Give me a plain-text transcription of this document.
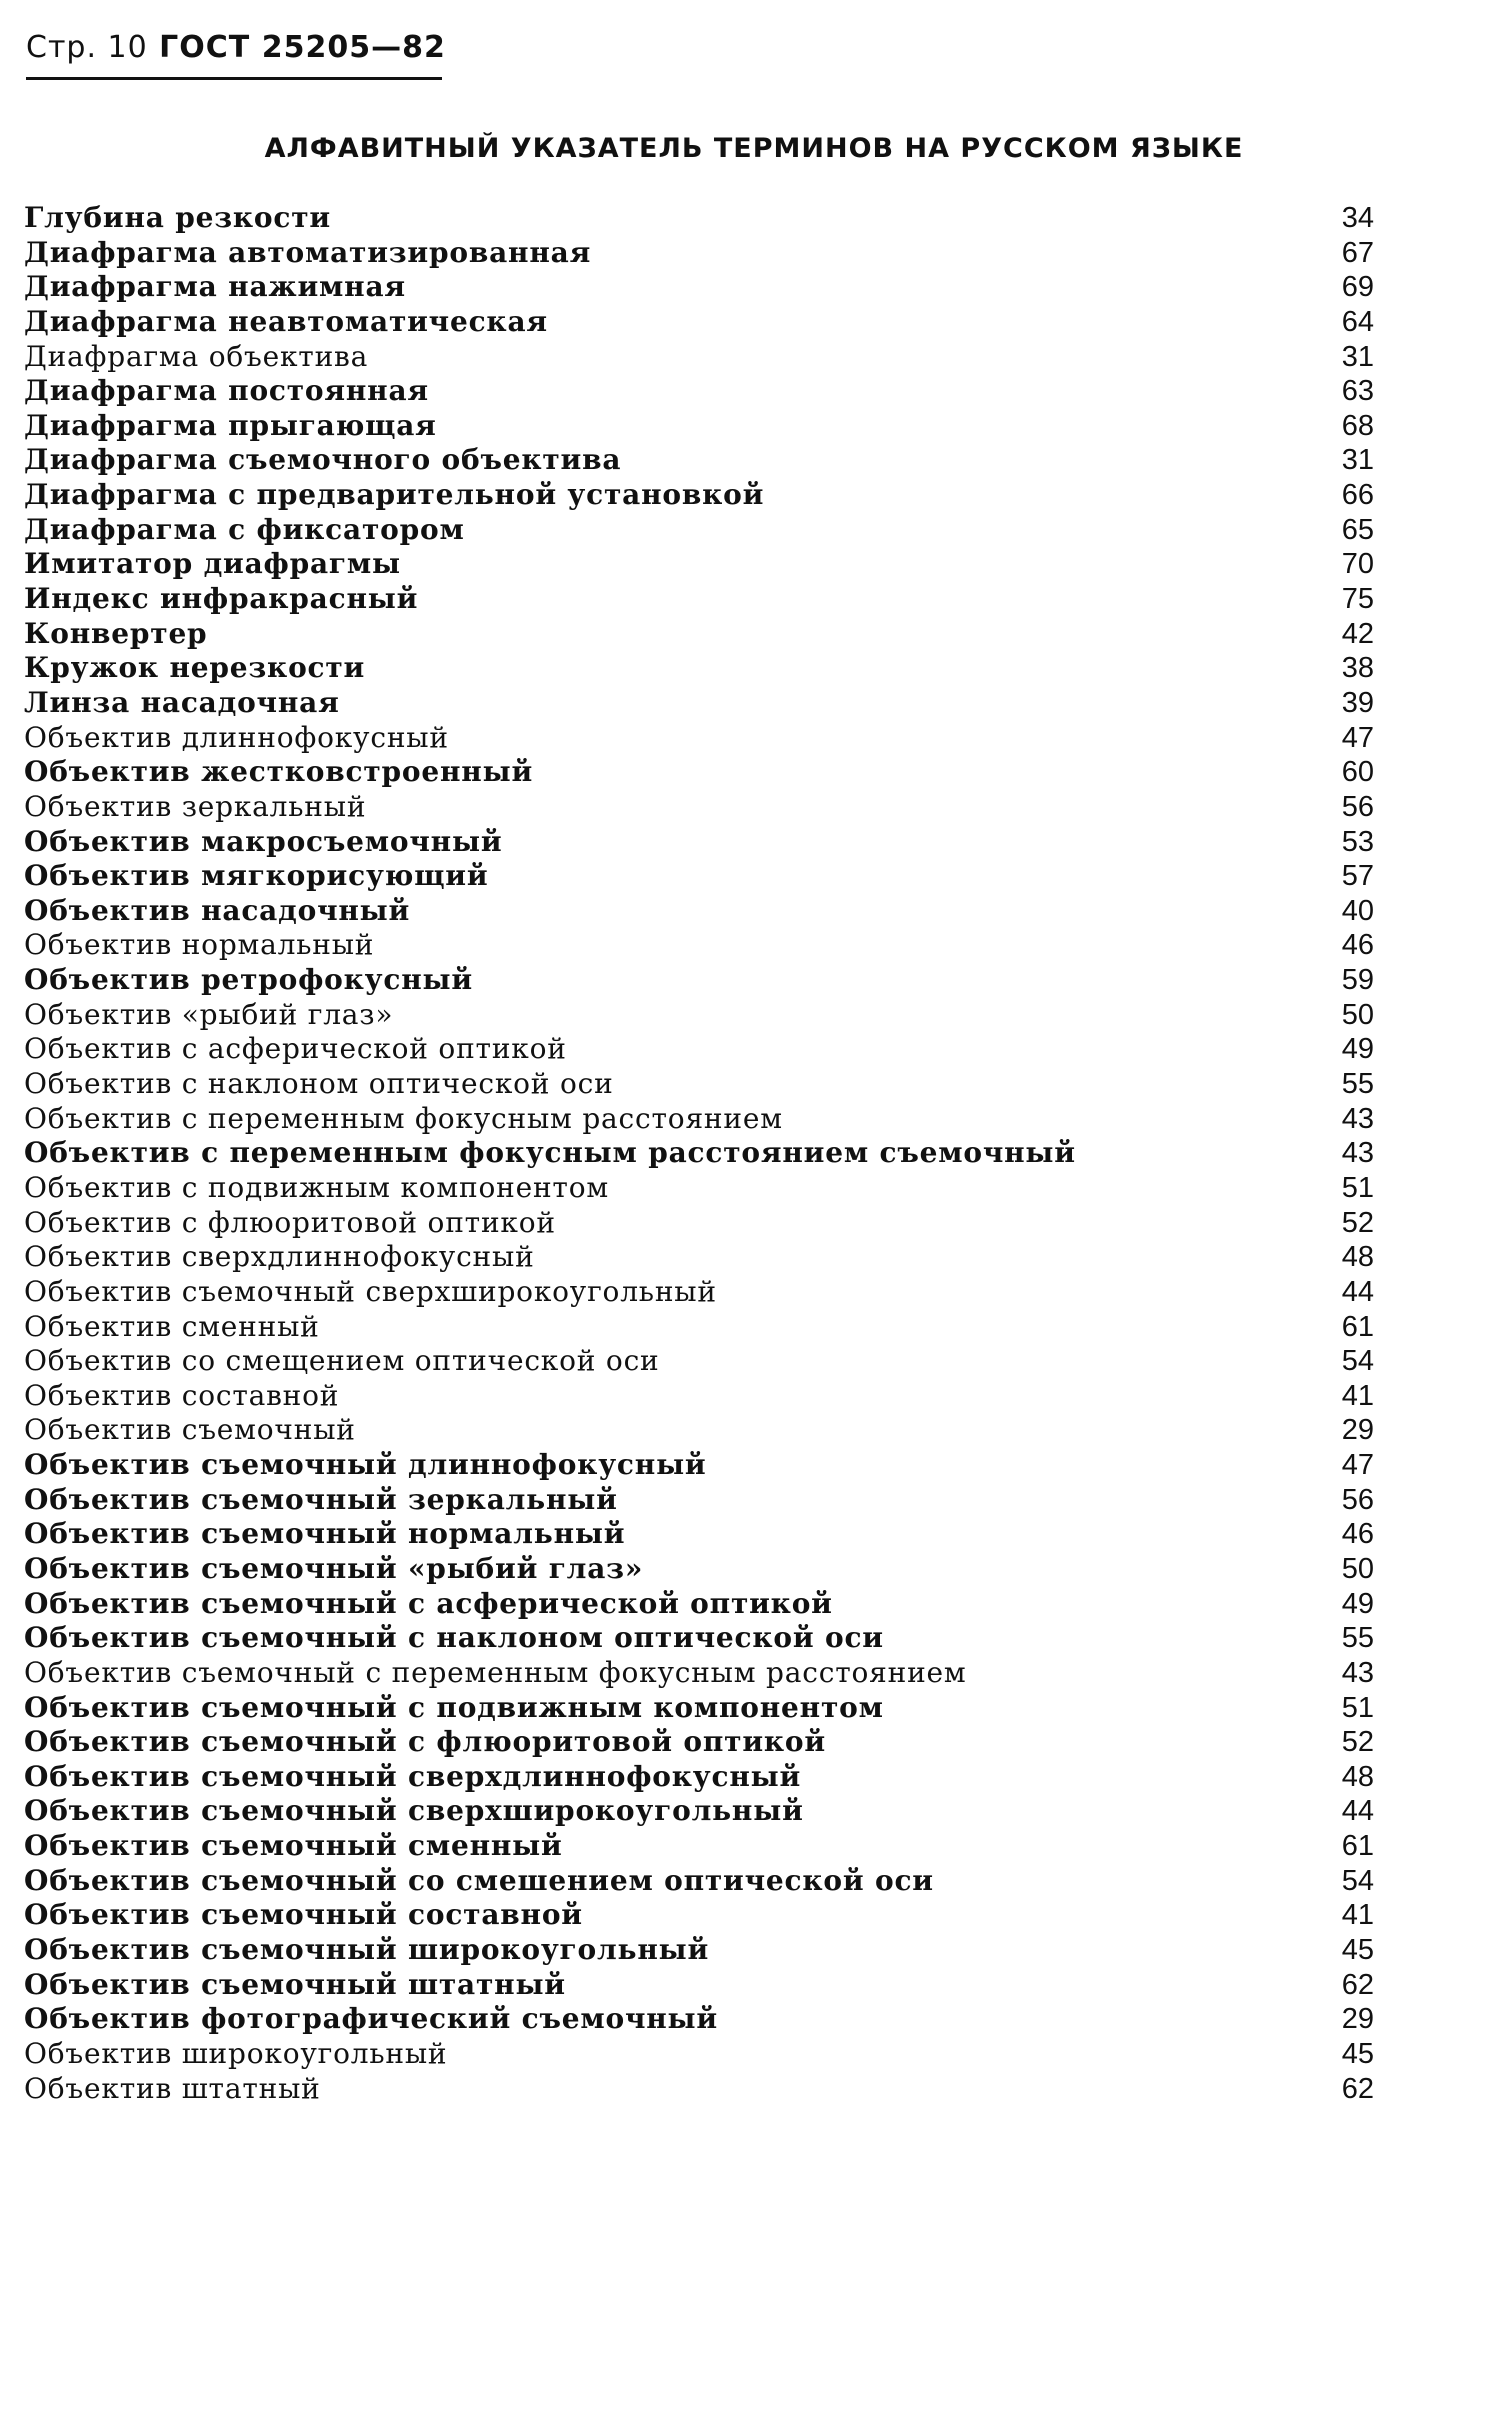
Стр. 10 ГОСТ 25205—82
АЛФАВИТНЫЙ УКАЗАТЕЛЬ ТЕРМИНОВ НА РУССКОМ ЯЗЫКЕ
Глубина резкости	34
Диафрагма автоматизированная	67
Диафрагма нажимная	69
Диафрагма неавтоматическая	64
Диафрагма объектива	31
Диафрагма постоянная	63
Диафрагма прыгающая	68
Диафрагма съемочного объектива	31
Диафрагма с предварительной установкой	66
Диафрагма с фиксатором	65
Имитатор диафрагмы	70
Индекс инфракрасный	75
Конвертер	42
Кружок нерезкости	38
Линза насадочная	39
Объектив длиннофокусный	47
Объектив жестковстроенный	60
Объектив зеркальный	56
Объектив макросъемочный	53
Объектив мягкорисующий	57
Объектив насадочный	40
Объектив нормальный	46
Объектив ретрофокусный	59
Объектив «рыбий глаз»	50
Объектив с асферической оптикой	49
Объектив с наклоном оптической оси	55
Объектив с переменным фокусным расстоянием	43
Объектив с переменным фокусным расстоянием съемочный	43
Объектив с подвижным компонентом	51
Объектив с флюоритовой оптикой	52
Объектив сверхдлиннофокусный	48
Объектив съемочный сверхширокоугольный	44
Объектив сменный	61
Объектив со смещением оптической оси	54
Объектив составной	41
Объектив съемочный	29
Объектив съемочный длиннофокусный	47
Объектив съемочный зеркальный	56
Объектив съемочный нормальный	46
Объектив съемочный «рыбий глаз»	50
Объектив съемочный с асферической оптикой	49
Объектив съемочный с наклоном оптической оси	55
Объектив съемочный с переменным фокусным расстоянием	43
Объектив съемочный с подвижным компонентом	51
Объектив съемочный с флюоритовой оптикой	52
Объектив съемочный сверхдлиннофокусный	48
Объектив съемочный сверхширокоугольный	44
Объектив съемочный сменный	61
Объектив съемочный со смешением оптической оси	54
Объектив съемочный составной	41
Объектив съемочный широкоугольный	45
Объектив съемочный штатный	62
Объектив фотографический съемочный	29
Объектив широкоугольный	45
Объектив штатный	62
